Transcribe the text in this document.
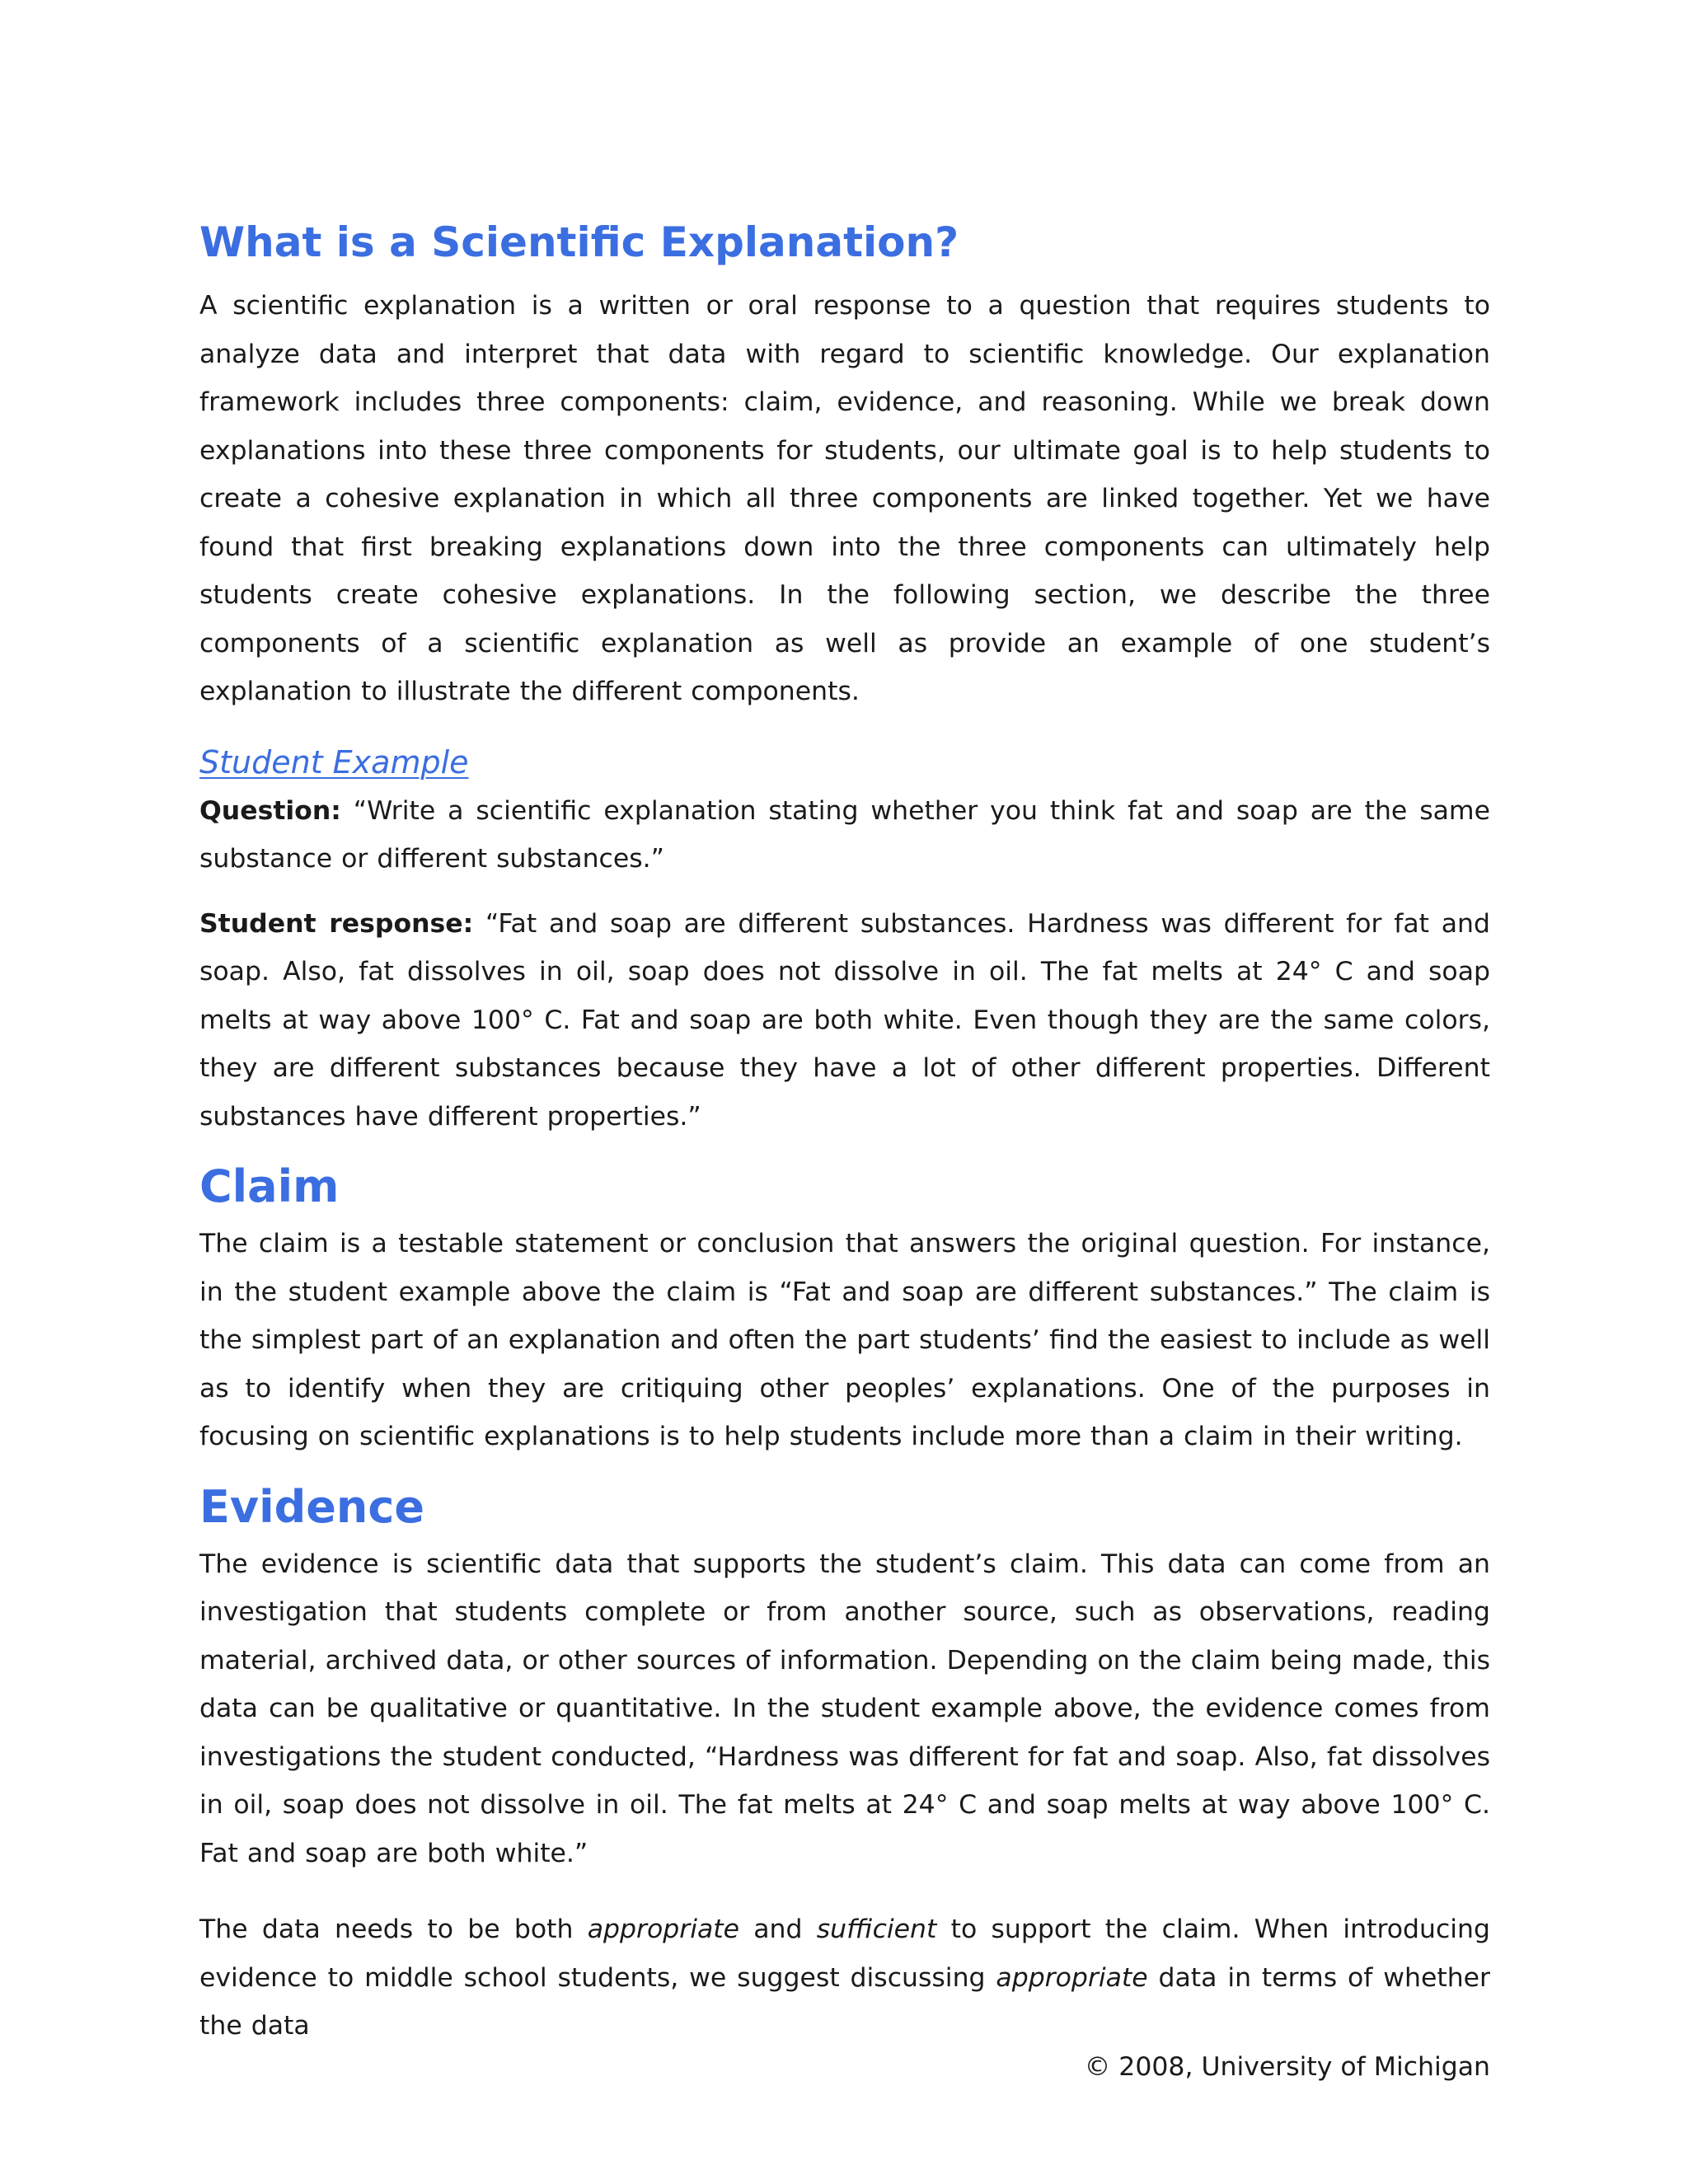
What is a Scientific Explanation?

A scientific explanation is a written or oral response to a question that requires students to analyze data and interpret that data with regard to scientific knowledge. Our explanation framework includes three components: claim, evidence, and reasoning. While we break down explanations into these three components for students, our ultimate goal is to help students to create a cohesive explanation in which all three components are linked together. Yet we have found that first breaking explanations down into the three components can ultimately help students create cohesive explanations. In the following section, we describe the three components of a scientific explanation as well as provide an example of one student’s explanation to illustrate the different components.

Student Example

Question: “Write a scientific explanation stating whether you think fat and soap are the same substance or different substances.”

Student response: “Fat and soap are different substances. Hardness was different for fat and soap. Also, fat dissolves in oil, soap does not dissolve in oil. The fat melts at 24° C and soap melts at way above 100° C. Fat and soap are both white. Even though they are the same colors, they are different substances because they have a lot of other different properties. Different substances have different properties.”

Claim

The claim is a testable statement or conclusion that answers the original question. For instance, in the student example above the claim is “Fat and soap are different substances.” The claim is the simplest part of an explanation and often the part students’ find the easiest to include as well as to identify when they are critiquing other peoples’ explanations. One of the purposes in focusing on scientific explanations is to help students include more than a claim in their writing.

Evidence

The evidence is scientific data that supports the student’s claim. This data can come from an investigation that students complete or from another source, such as observations, reading material, archived data, or other sources of information. Depending on the claim being made, this data can be qualitative or quantitative. In the student example above, the evidence comes from investigations the student conducted, “Hardness was different for fat and soap. Also, fat dissolves in oil, soap does not dissolve in oil. The fat melts at 24° C and soap melts at way above 100° C. Fat and soap are both white.”

The data needs to be both appropriate and sufficient to support the claim. When introducing evidence to middle school students, we suggest discussing appropriate data in terms of whether the data

© 2008, University of Michigan
